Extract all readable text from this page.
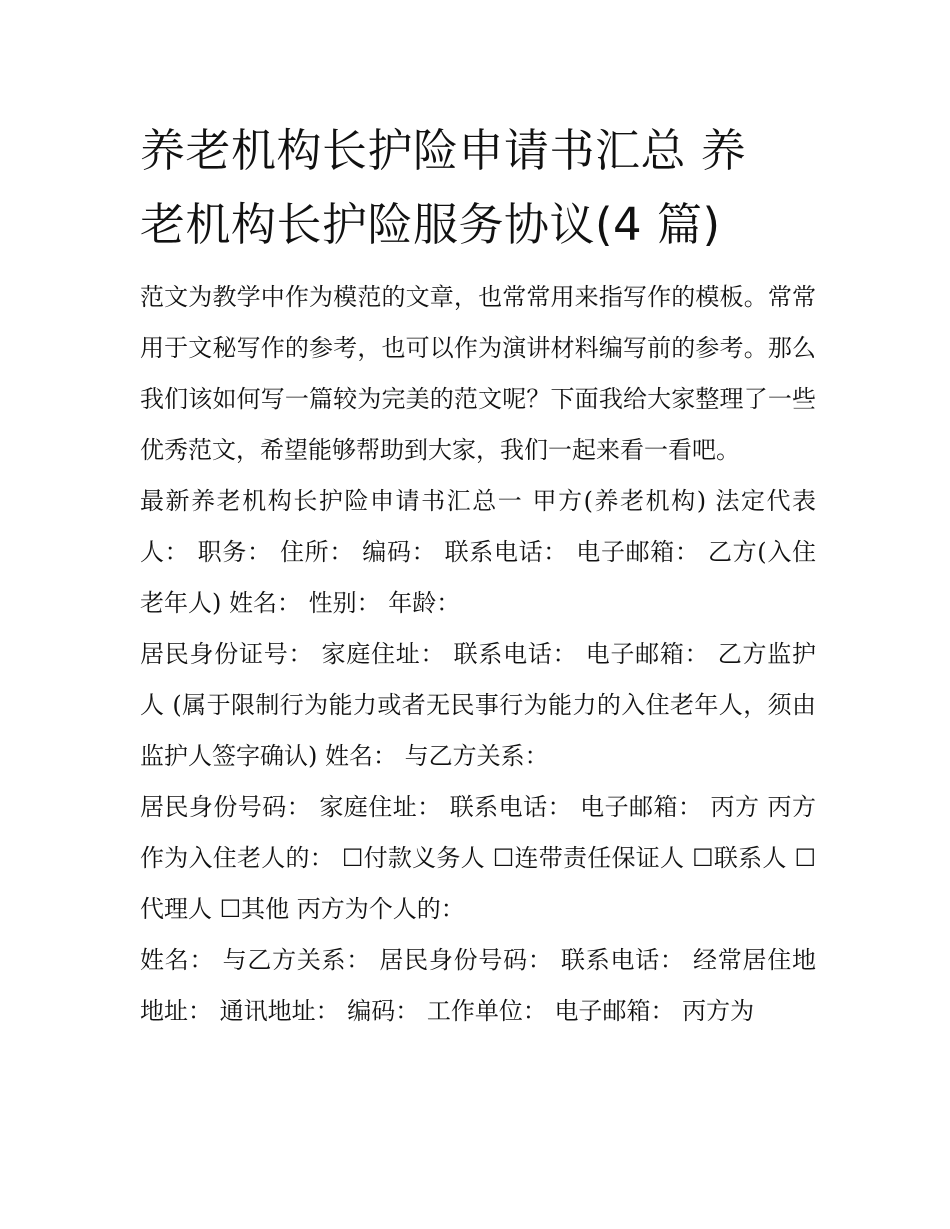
养老机构长护险申请书汇总 养
老机构长护险服务协议(4 篇)

范文为教学中作为模范的文章，也常常用来指写作的模板。常常用于文秘写作的参考，也可以作为演讲材料编写前的参考。那么我们该如何写一篇较为完美的范文呢？下面我给大家整理了一些优秀范文，希望能够帮助到大家，我们一起来看一看吧。

最新养老机构长护险申请书汇总一 甲方(养老机构) 法定代表人： 职务： 住所： 编码： 联系电话： 电子邮箱： 乙方(入住老年人) 姓名： 性别： 年龄：

居民身份证号： 家庭住址： 联系电话： 电子邮箱： 乙方监护人 (属于限制行为能力或者无民事行为能力的入住老年人，须由监护人签字确认) 姓名： 与乙方关系：

居民身份号码： 家庭住址： 联系电话： 电子邮箱： 丙方 丙方作为入住老人的： ☐付款义务人 ☐连带责任保证人 ☐联系人 ☐代理人 ☐其他 丙方为个人的：

姓名： 与乙方关系： 居民身份号码： 联系电话： 经常居住地地址： 通讯地址： 编码： 工作单位： 电子邮箱： 丙方为
